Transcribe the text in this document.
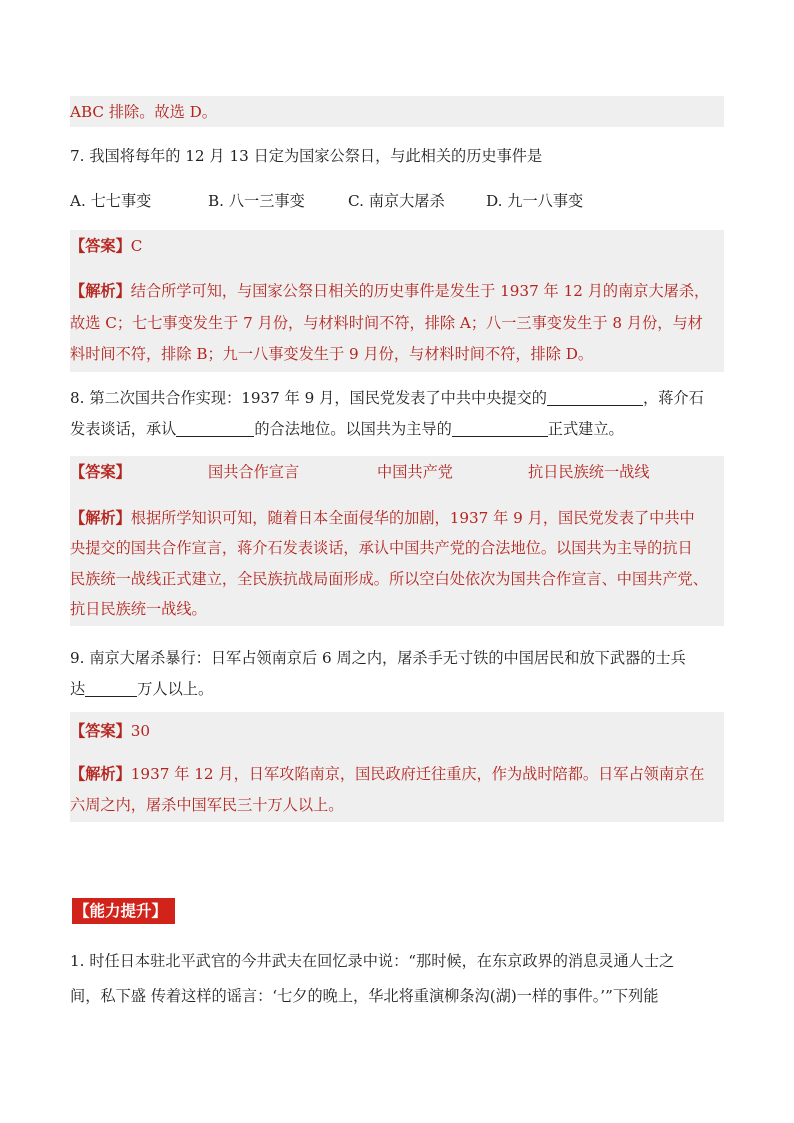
ABC 排除。故选 D。
7. 我国将每年的 12 月 13 日定为国家公祭日，与此相关的历史事件是
A. 七七事变	B. 八一三事变	C. 南京大屠杀	D. 九一八事变
【答案】C
【解析】结合所学可知，与国家公祭日相关的历史事件是发生于 1937 年 12 月的南京大屠杀，
故选 C；七七事变发生于 7 月份，与材料时间不符，排除 A；八一三事变发生于 8 月份，与材
料时间不符，排除 B；九一八事变发生于 9 月份，与材料时间不符，排除 D。
8. 第二次国共合作实现：1937 年 9 月，国民党发表了中共中央提交的	，蒋介石
发表谈话，承认	的合法地位。以国共为主导的	正式建立。
【答案】	国共合作宣言	中国共产党	抗日民族统一战线
【解析】根据所学知识可知，随着日本全面侵华的加剧，1937 年 9 月，国民党发表了中共中
央提交的国共合作宣言，蒋介石发表谈话，承认中国共产党的合法地位。以国共为主导的抗日
民族统一战线正式建立，全民族抗战局面形成。所以空白处依次为国共合作宣言、中国共产党、
抗日民族统一战线。
9. 南京大屠杀暴行：日军占领南京后 6 周之内，屠杀手无寸铁的中国居民和放下武器的士兵
达	万人以上。
【答案】30
【解析】1937 年 12 月，日军攻陷南京，国民政府迁往重庆，作为战时陪都。日军占领南京在
六周之内，屠杀中国军民三十万人以上。
【能力提升】
1. 时任日本驻北平武官的今井武夫在回忆录中说：“那时候，在东京政界的消息灵通人士之
间，私下盛 传着这样的谣言：‘七夕的晚上，华北将重演柳条沟(湖)一样的事件。’”下列能
